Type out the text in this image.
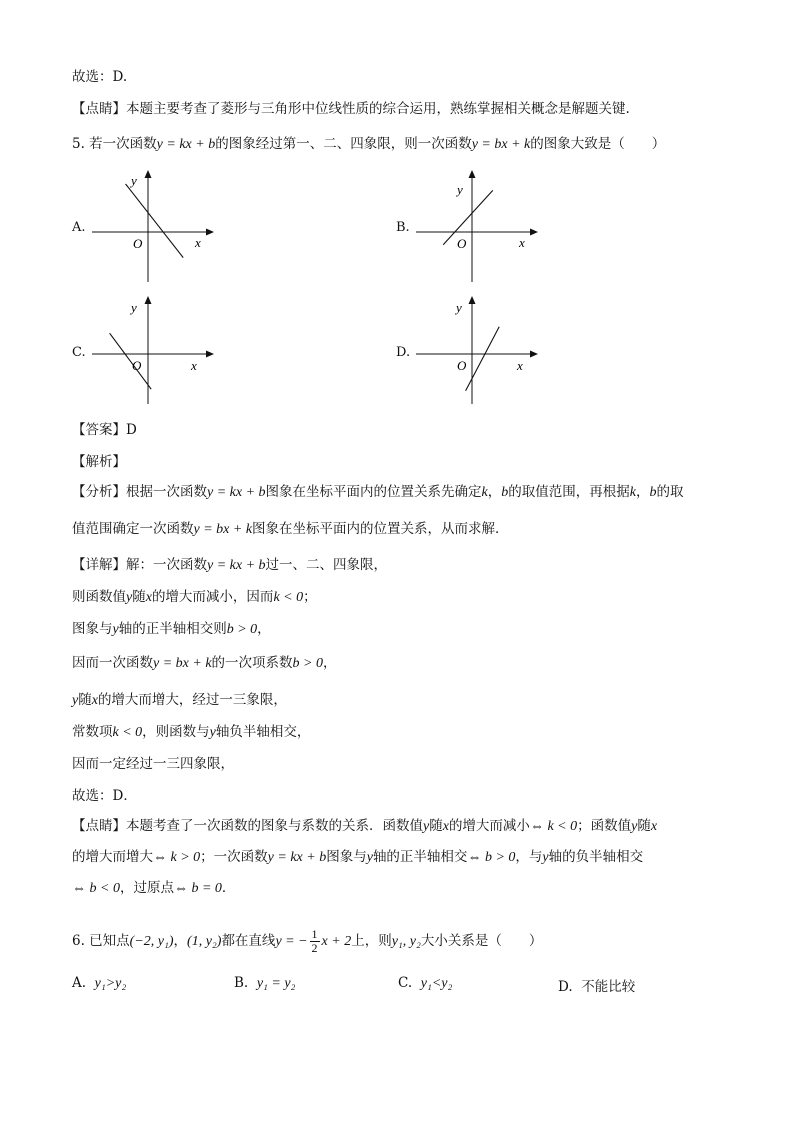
故选：D.
【点睛】本题主要考查了菱形与三角形中位线性质的综合运用，熟练掌握相关概念是解题关键.
5. 若一次函数y = kx + b的图象经过第一、二、四象限，则一次函数y = bx + k的图象大致是（　　）
A.	B.
C.	D.
y
x
O
y
x
O
y
x
O
y
x
O
【答案】D
【解析】
【分析】根据一次函数y = kx + b图象在坐标平面内的位置关系先确定k，b的取值范围，再根据k，b的取
值范围确定一次函数y = bx + k图象在坐标平面内的位置关系，从而求解．
【详解】解：一次函数y = kx + b过一、二、四象限，
则函数值y随x的增大而减小，因而k < 0；
图象与y轴的正半轴相交则b > 0，
因而一次函数y = bx + k的一次项系数b > 0，
y随x的增大而增大，经过一三象限，
常数项k < 0，则函数与y轴负半轴相交，
因而一定经过一三四象限，
故选：D．
【点睛】本题考查了一次函数的图象与系数的关系．函数值y随x的增大而减小⇔ k < 0；函数值y随x
的增大而增大⇔ k > 0；一次函数y = kx + b图象与y轴的正半轴相交⇔ b > 0，与y轴的负半轴相交
⇔ b < 0，过原点⇔ b = 0．
6. 已知点(−2, y₁)，(1, y₂)都在直线y = − $\frac{1}{2}$ x + 2上，则y₁, y₂大小关系是（　　）
A. y₁>y₂	B. y₁ = y₂	C. y₁<y₂	D. 不能比较
